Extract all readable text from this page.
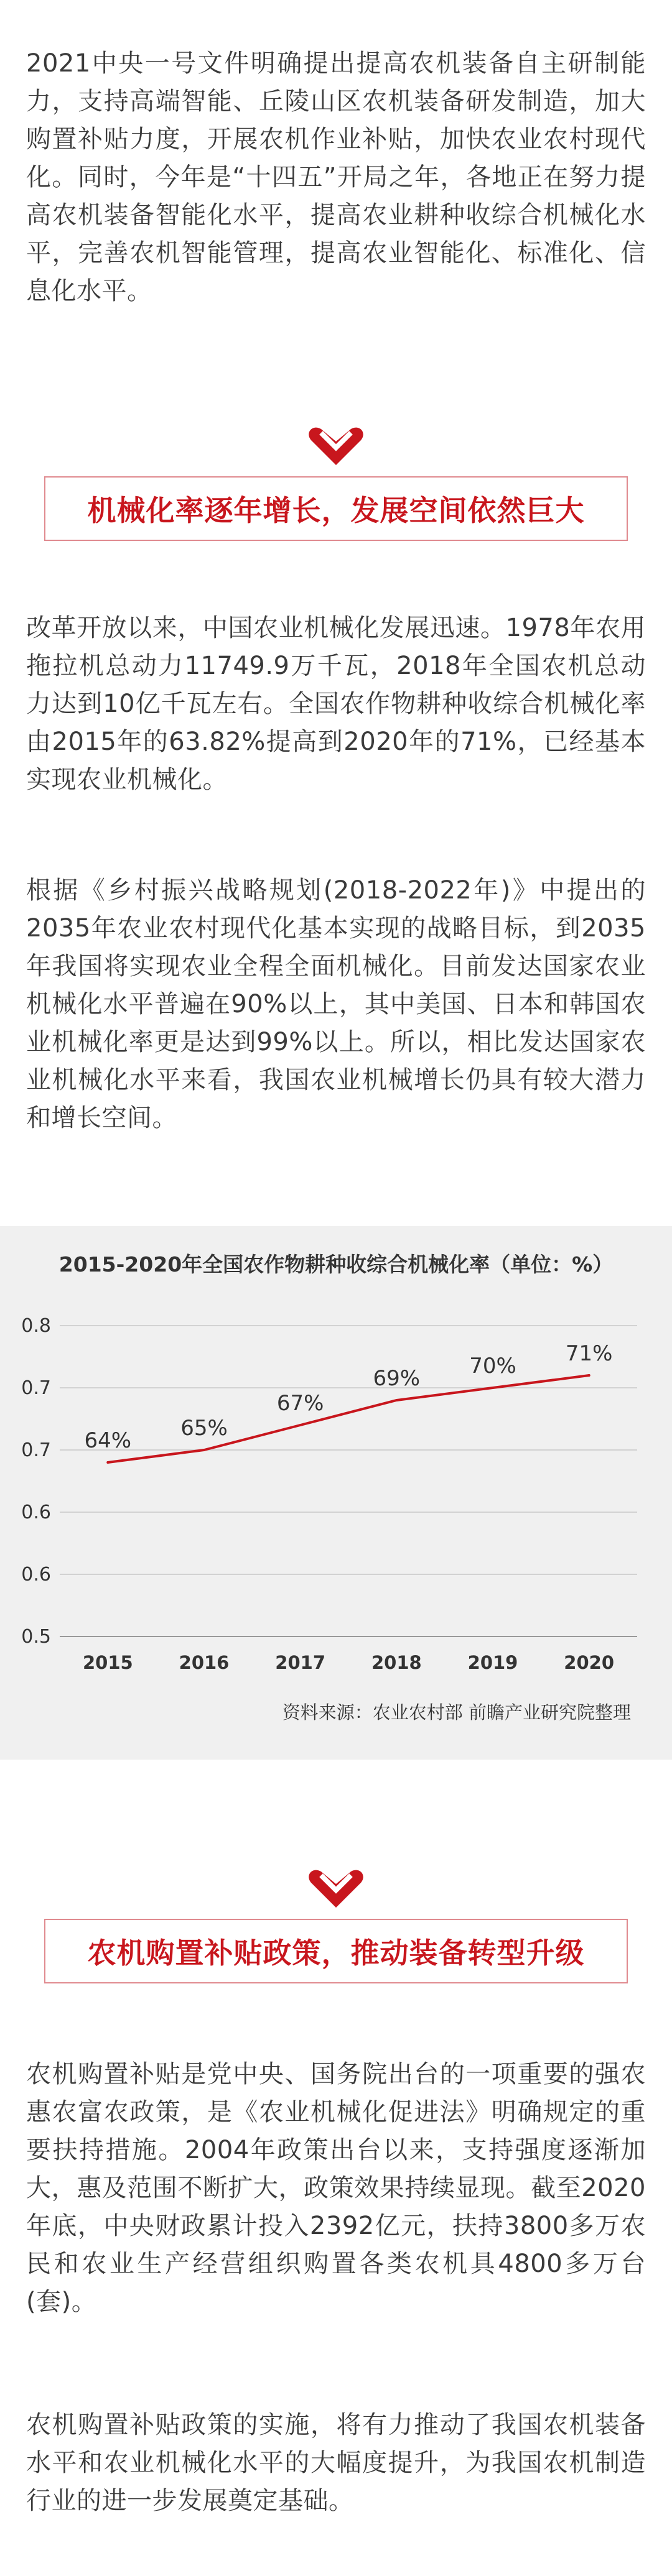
2021中央一号文件明确提出提高农机装备自主研制能力，支持高端智能、丘陵山区农机装备研发制造，加大购置补贴力度，开展农机作业补贴，加快农业农村现代化。同时，今年是“十四五”开局之年，各地正在努力提高农机装备智能化水平，提高农业耕种收综合机械化水平，完善农机智能管理，提高农业智能化、标准化、信息化水平。

机械化率逐年增长，发展空间依然巨大

改革开放以来，中国农业机械化发展迅速。1978年农用拖拉机总动力11749.9万千瓦，2018年全国农机总动力达到10亿千瓦左右。全国农作物耕种收综合机械化率由2015年的63.82%提高到2020年的71%，已经基本实现农业机械化。

根据《乡村振兴战略规划(2018-2022年)》中提出的2035年农业农村现代化基本实现的战略目标，到2035年我国将实现农业全程全面机械化。目前发达国家农业机械化水平普遍在90%以上，其中美国、日本和韩国农业机械化率更是达到99%以上。所以，相比发达国家农业机械化水平来看，我国农业机械增长仍具有较大潜力和增长空间。

2015-2020年全国农作物耕种收综合机械化率（单位：%）
0.8
0.7
0.7
0.6
0.6
0.5
2015	2016	2017	2018	2019	2020
64% 65%
67%
69% 70% 71%
资料来源：农业农村部 前瞻产业研究院整理
农机购置补贴政策，推动装备转型升级

农机购置补贴是党中央、国务院出台的一项重要的强农惠农富农政策，是《农业机械化促进法》明确规定的重要扶持措施。2004年政策出台以来，支持强度逐渐加大，惠及范围不断扩大，政策效果持续显现。截至2020年底，中央财政累计投入2392亿元，扶持3800多万农民和农业生产经营组织购置各类农机具4800多万台(套)。

农机购置补贴政策的实施，将有力推动了我国农机装备水平和农业机械化水平的大幅度提升，为我国农机制造行业的进一步发展奠定基础。
